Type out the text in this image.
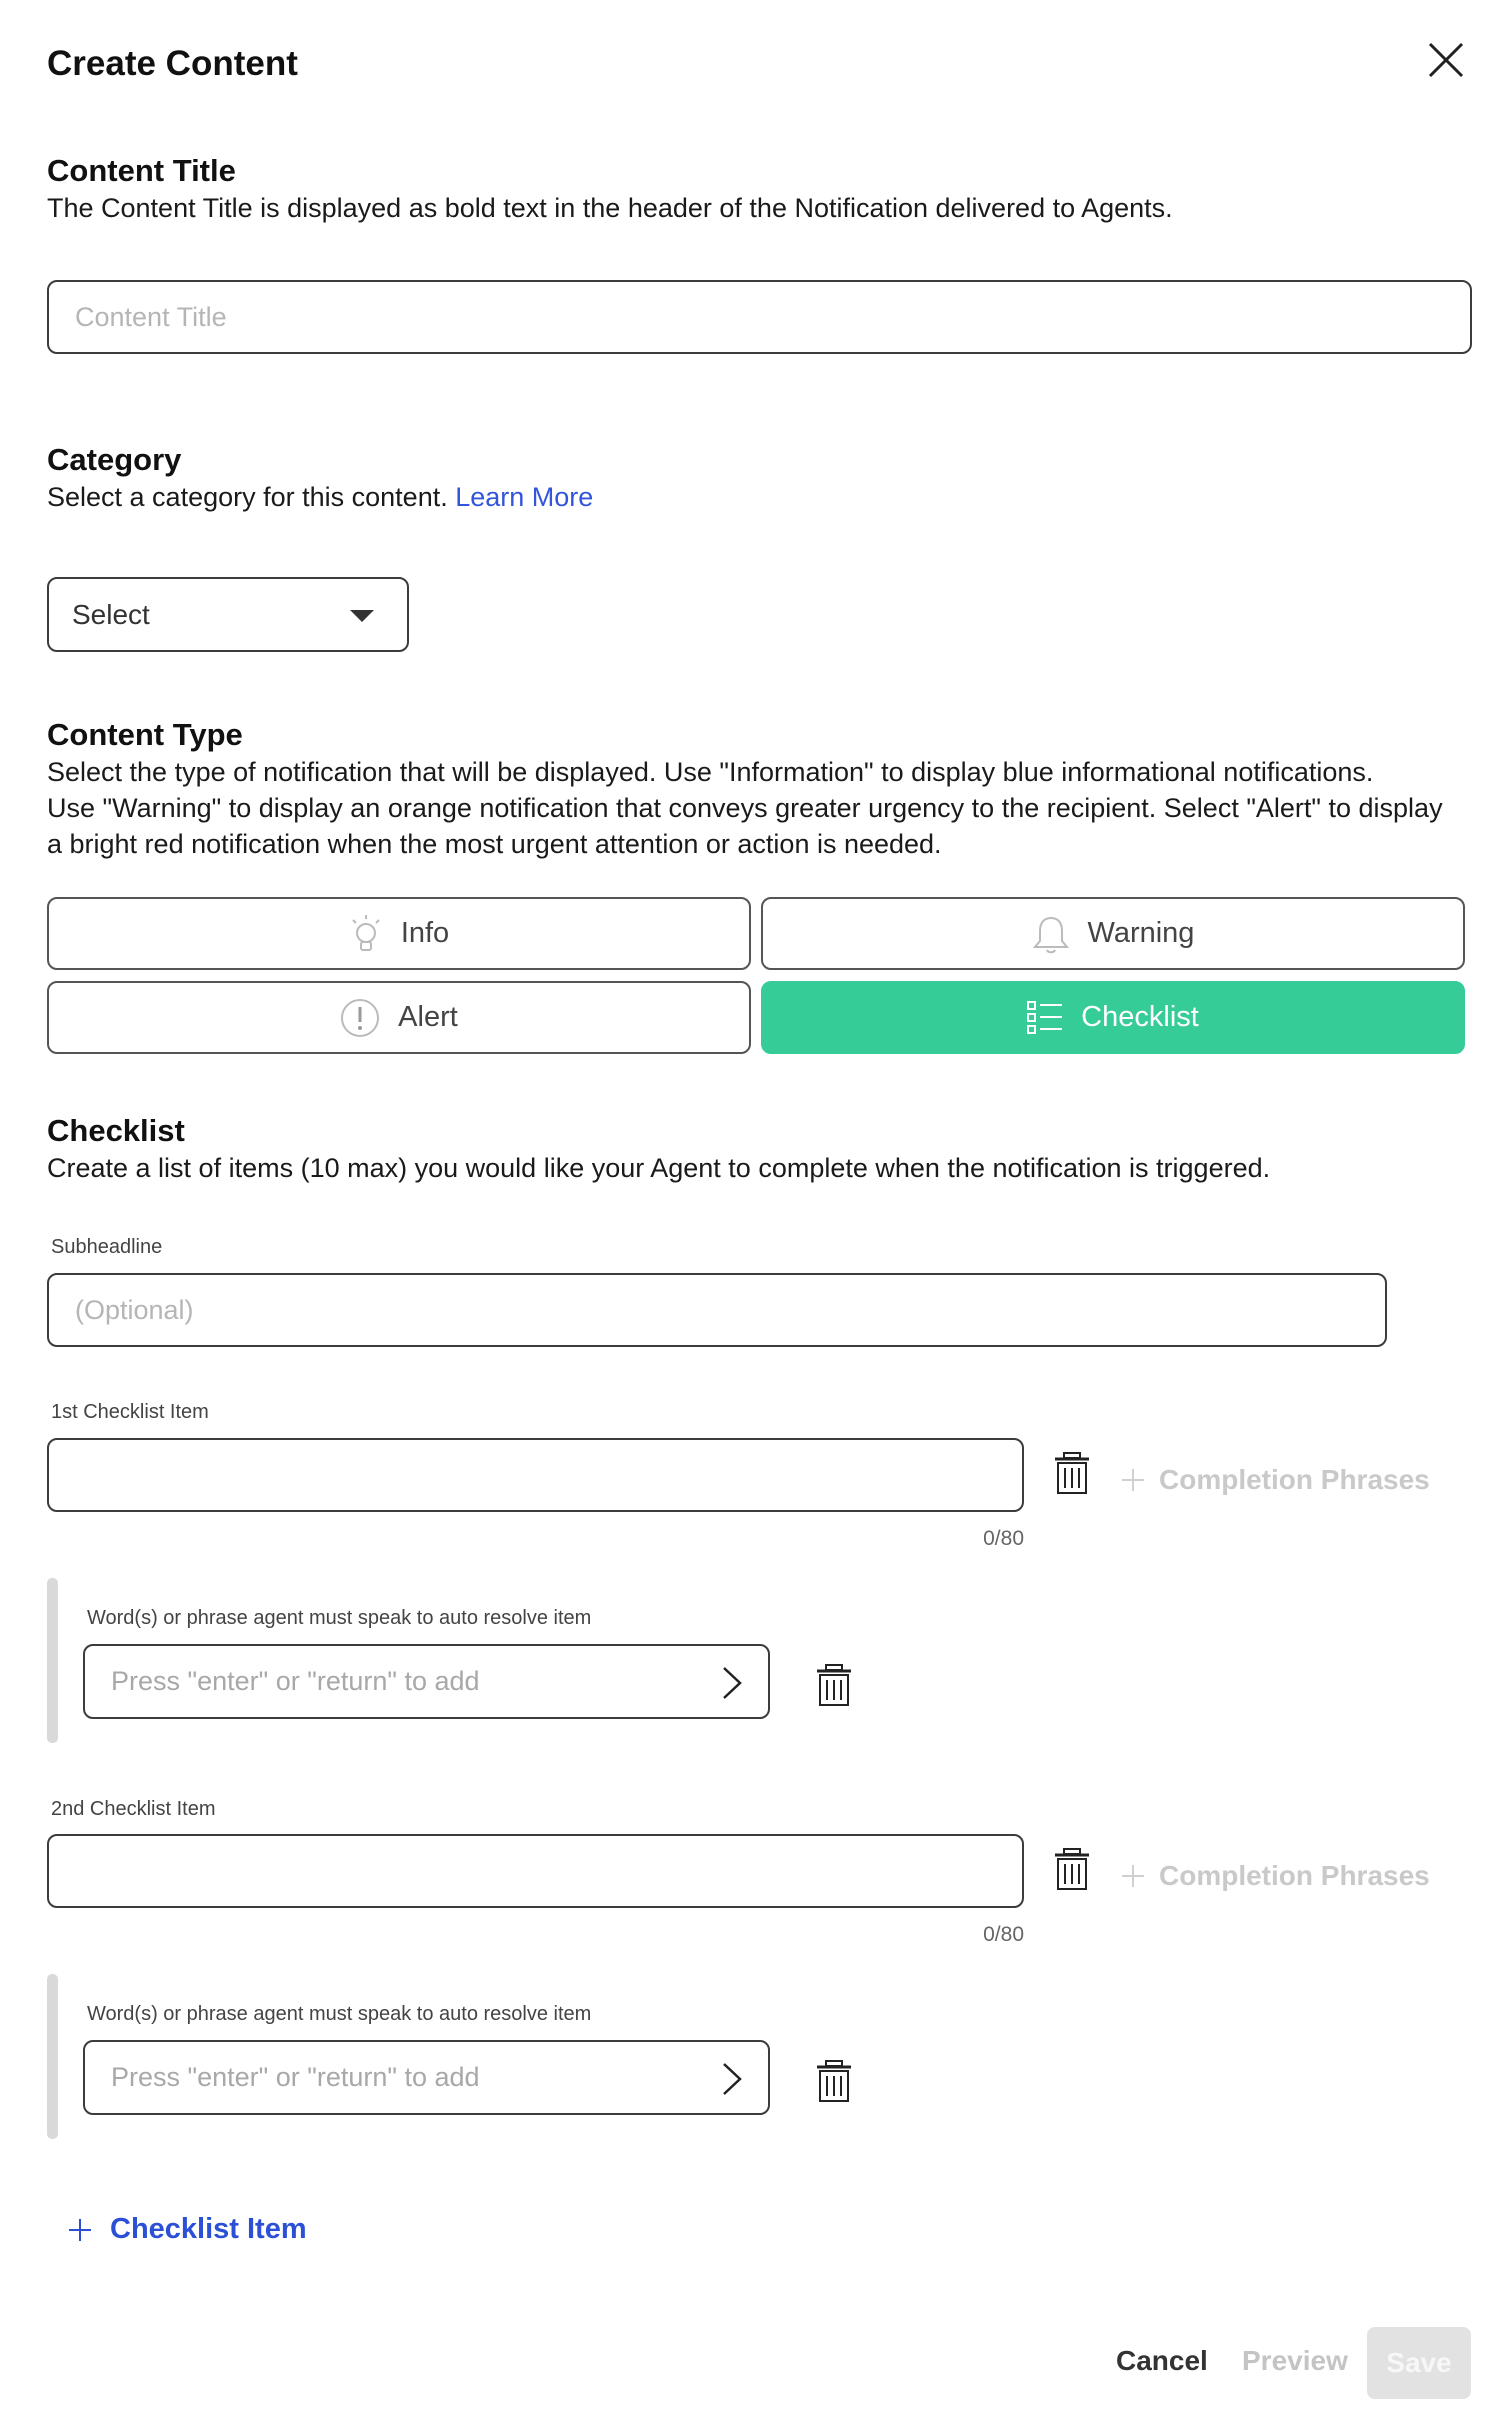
Create Content
Content Title
The Content Title is displayed as bold text in the header of the Notification delivered to Agents.
Content Title
Category
Select a category for this content. Learn More
Select
Content Type
Select the type of notification that will be displayed. Use "Information" to display blue informational notifications.
Use "Warning" to display an orange notification that conveys greater urgency to the recipient. Select "Alert" to display
a bright red notification when the most urgent attention or action is needed.
Info	Warning
Alert	Checklist
Checklist
Create a list of items (10 max) you would like your Agent to complete when the notification is triggered.
Subheadline
(Optional)
1st Checklist Item
Completion Phrases
0/80
Word(s) or phrase agent must speak to auto resolve item
Press "enter" or "return" to add
2nd Checklist Item
Completion Phrases
0/80
Word(s) or phrase agent must speak to auto resolve item
Press "enter" or "return" to add
Checklist Item
Cancel Preview	Save
